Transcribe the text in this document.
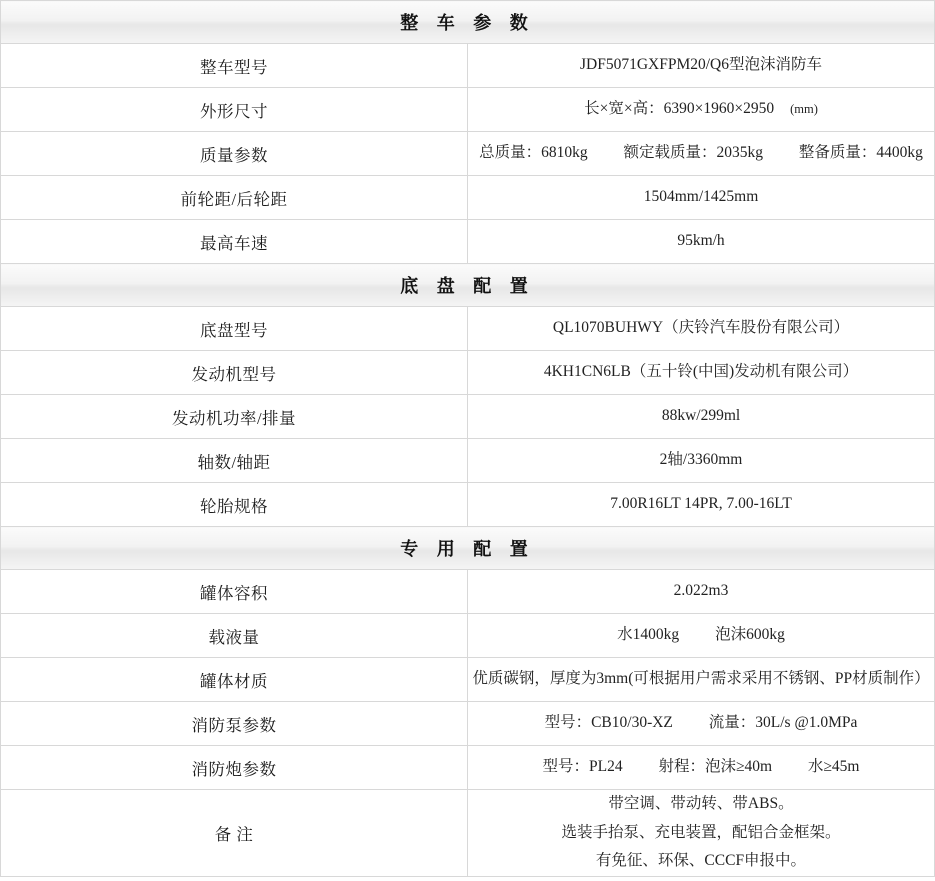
整 车 参 数	
整车型号	JDF5071GXFPM20/Q6型泡沫消防车
外形尺寸	长×宽×高：6390×1960×2950 (mm)
质量参数	总质量：6810kg 额定载质量：2035kg 整备质量：4400kg
前轮距/后轮距	1504mm/1425mm
最高车速	95km/h
底 盘 配 置	
底盘型号	QL1070BUHWY（庆铃汽车股份有限公司）
发动机型号	4KH1CN6LB（五十铃(中国)发动机有限公司）
发动机功率/排量	88kw/299ml
轴数/轴距	2轴/3360mm
轮胎规格	7.00R16LT 14PR, 7.00-16LT
专 用 配 置	
罐体容积	2.022m3
载液量	水1400kg 泡沫600kg
罐体材质	优质碳钢，厚度为3mm(可根据用户需求采用不锈钢、PP材质制作）
消防泵参数	型号：CB10/30-XZ 流量：30L/s @1.0MPa
消防炮参数	型号：PL24 射程：泡沫≥40m 水≥45m
备 注	带空调、带动转、带ABS。
选装手抬泵、充电装置，配铝合金框架。
有免征、环保、CCCF申报中。
